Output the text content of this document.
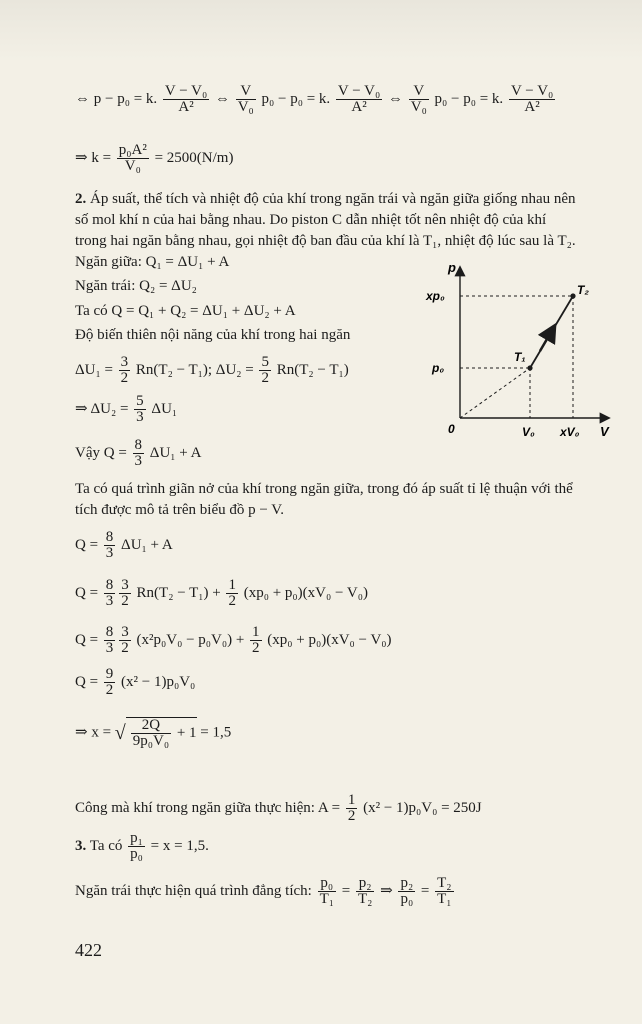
⇔ p − p₀ = k. $\frac{\text{V − V₀}}{\text{A²}}$ ⇔ $\frac{V}{\text{V₀}} p_0 - p_0 = k$. $\frac{\text{V − V₀}}{\text{A²}}$ ⇔ $\frac{V}{\text{V₀}} p_0 - p_0 = k$. $\frac{\text{V − V₀}}{\text{A²}}$
⇒ $k = \frac{\text{p₀A²}}{\text{V₀}} = 2500(N/m)$
2. Áp suất, thể tích và nhiệt độ của khí trong ngăn trái và ngăn giữa giống nhau nên
số mol khí n của hai bằng nhau. Do piston C dẫn nhiệt tốt nên nhiệt độ của khí
trong hai ngăn bằng nhau, gọi nhiệt độ ban đầu của khí là T₁, nhiệt độ lúc sau là T₂.
Ngăn giữa: Q₁ = ΔU₁ + A
Ngăn trái: Q₂ = ΔU₂
Ta có Q = Q₁ + Q₂ = ΔU₁ + ΔU₂ + A
Độ biến thiên nội năng của khí trong hai ngăn
$\Delta U_1 = \frac{3}{2} Rn(T_2 - T_1)$; $\Delta U_2 = \frac{5}{2} Rn(T_2 - T_1)$
⇒ $\Delta U_2 = \frac{5}{3} \Delta U_1$
Vậy $Q = \frac{8}{3} \Delta U_1 + A$
Ta có quá trình giãn nở của khí trong ngăn giữa, trong đó áp suất tỉ lệ thuận với thể
tích được mô tả trên biểu đồ p − V.
$Q = \frac{8}{3} \Delta U_1 + A$
$Q = \frac{8}{3} \frac{3}{2} Rn(T_2 - T_1) + \frac{1}{2} (xp_0 + p_0)(xV_0 - V_0)$
$Q = \frac{8}{3} \frac{3}{2} (x^2p_0V_0 - p_0V_0) + \frac{1}{2} (xp_0 + p_0)(xV_0 - V_0)$
$Q = \frac{9}{2} (x^2 - 1)p_0V_0$
⇒ x = √ $\frac{2Q}{\text{9p₀V₀}} + 1 = 1,5$
Công mà khí trong ngăn giữa thực hiện: $A = \frac{1}{2} (x^2 - 1)p_0V_0 = 250J$
3. Ta có $\frac{\text{p₁}}{\text{p₀}} = x = 1,5$.
Ngăn trái thực hiện quá trình đẳng tích: $\frac{\text{p₀}}{\text{T₁}} = \frac{\text{p₂}}{\text{T₂}}$ ⇒ $\frac{\text{p₂}}{\text{p₀}} = \frac{\text{T₂}}{\text{T₁}}$
422
p
V
0
xp₀
p₀
V₀ xV₀
T₁
T₂
